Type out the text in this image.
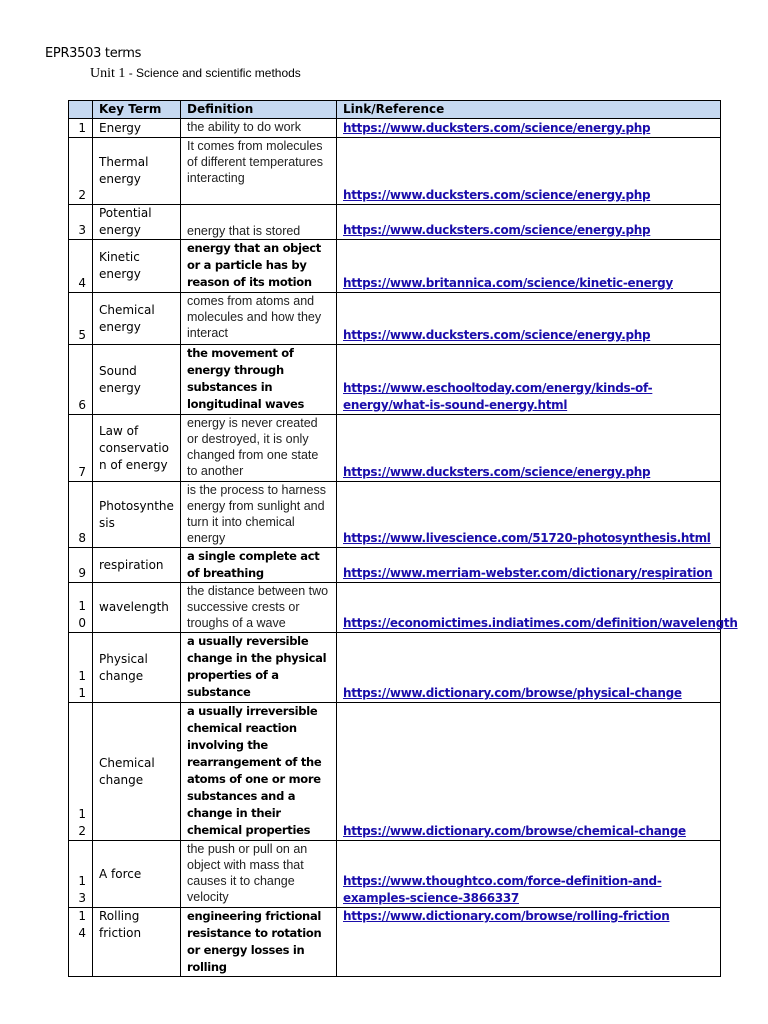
EPR3503 terms
Unit 1 - Science and scientific methods
	Key Term	Definition	Link/Reference
1	Energy	the ability to do work	https://www.ducksters.com/science/energy.php
2	Thermal energy	It comes from molecules of different temperatures interacting	https://www.ducksters.com/science/energy.php
3	Potential energy	energy that is stored	https://www.ducksters.com/science/energy.php
4	Kinetic energy	energy that an object or a particle has by reason of its motion	https://www.britannica.com/science/kinetic-energy
5	Chemical energy	comes from atoms and molecules and how they interact	https://www.ducksters.com/science/energy.php
6	Sound energy	the movement of energy through substances in longitudinal waves	https://www.eschooltoday.com/energy/kinds-of-energy/what-is-sound-energy.html
7	Law of conservation of energy	energy is never created or destroyed, it is only changed from one state to another	https://www.ducksters.com/science/energy.php
8	Photosynthesis	is the process to harness energy from sunlight and turn it into chemical energy	https://www.livescience.com/51720-photosynthesis.html
9	respiration	a single complete act of breathing	https://www.merriam-webster.com/dictionary/respiration
10	wavelength	the distance between two successive crests or troughs of a wave	https://economictimes.indiatimes.com/definition/wavelength
11	Physical change	a usually reversible change in the physical properties of a substance	https://www.dictionary.com/browse/physical-change
12	Chemical change	a usually irreversible chemical reaction involving the rearrangement of the atoms of one or more substances and a change in their chemical properties	https://www.dictionary.com/browse/chemical-change
13	A force	the push or pull on an object with mass that causes it to change velocity	https://www.thoughtco.com/force-definition-and-examples-science-3866337
14	Rolling friction	engineering frictional resistance to rotation or energy losses in rolling	https://www.dictionary.com/browse/rolling-friction
